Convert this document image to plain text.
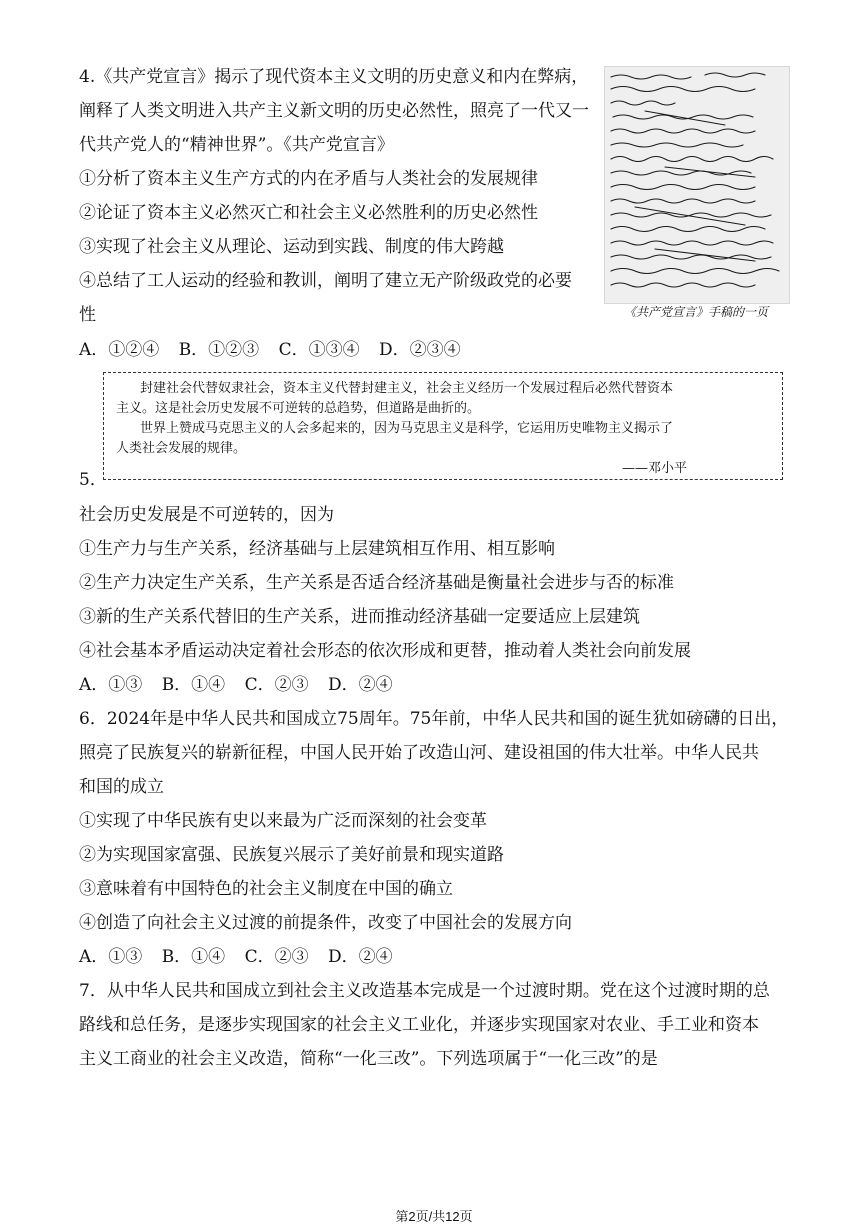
4.《共产党宣言》揭示了现代资本主义文明的历史意义和内在弊病，
阐释了人类文明进入共产主义新文明的历史必然性，照亮了一代又一
代共产党人的“精神世界”。《共产党宣言》
①分析了资本主义生产方式的内在矛盾与人类社会的发展规律
②论证了资本主义必然灭亡和社会主义必然胜利的历史必然性
③实现了社会主义从理论、运动到实践、制度的伟大跨越
④总结了工人运动的经验和教训，阐明了建立无产阶级政党的必要
性	《共产党宣言》手稿的一页
A．①②④ B．①②③ C．①③④ D．②③④

封建社会代替奴隶社会，资本主义代替封建主义，社会主义经历一个发展过程后必然代替资本

主义。这是社会历史发展不可逆转的总趋势，但道路是曲折的。

世界上赞成马克思主义的人会多起来的，因为马克思主义是科学，它运用历史唯物主义揭示了

人类社会发展的规律。

——邓小平

5．
社会历史发展是不可逆转的，因为
①生产力与生产关系，经济基础与上层建筑相互作用、相互影响
②生产力决定生产关系，生产关系是否适合经济基础是衡量社会进步与否的标准
③新的生产关系代替旧的生产关系，进而推动经济基础一定要适应上层建筑
④社会基本矛盾运动决定着社会形态的依次形成和更替，推动着人类社会向前发展
A．①③ B．①④ C．②③ D．②④
6．2024年是中华人民共和国成立75周年。75年前，中华人民共和国的诞生犹如磅礴的日出，
照亮了民族复兴的崭新征程，中国人民开始了改造山河、建设祖国的伟大壮举。中华人民共
和国的成立
①实现了中华民族有史以来最为广泛而深刻的社会变革
②为实现国家富强、民族复兴展示了美好前景和现实道路
③意味着有中国特色的社会主义制度在中国的确立
④创造了向社会主义过渡的前提条件，改变了中国社会的发展方向
A．①③ B．①④ C．②③ D．②④
7．从中华人民共和国成立到社会主义改造基本完成是一个过渡时期。党在这个过渡时期的总
路线和总任务，是逐步实现国家的社会主义工业化，并逐步实现国家对农业、手工业和资本
主义工商业的社会主义改造，简称“一化三改”。下列选项属于“一化三改”的是
第2页/共12页
